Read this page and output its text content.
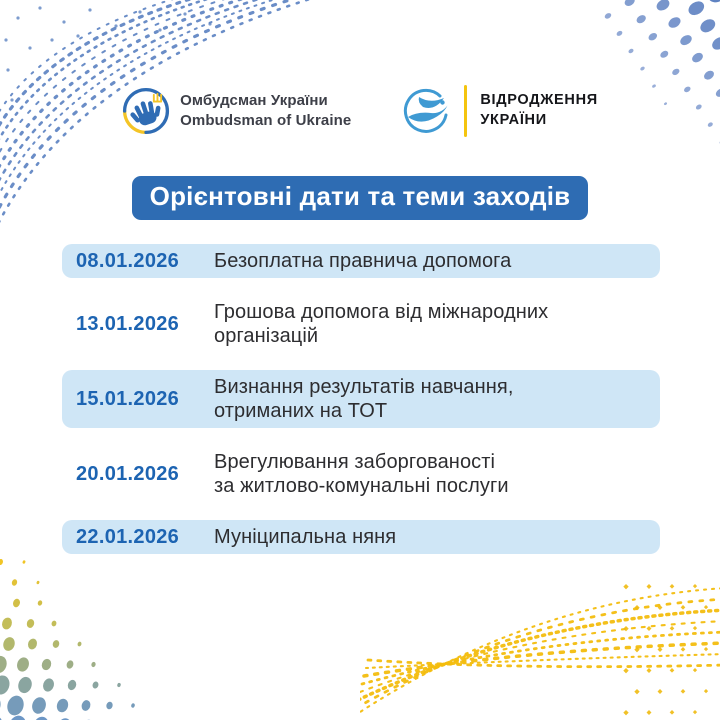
Омбудсман України
Ombudsman of Ukraine
ВІДРОДЖЕННЯ
УКРАЇНИ
Орієнтовні дати та теми заходів
08.01.2026	Безоплатна правнича допомога
13.01.2026
Грошова допомога від міжнародних
організацій
15.01.2026
Визнання результатів навчання,
отриманих на ТОТ
20.01.2026
Врегулювання заборгованості
за житлово-комунальні послуги
22.01.2026	Муніципальна няня
